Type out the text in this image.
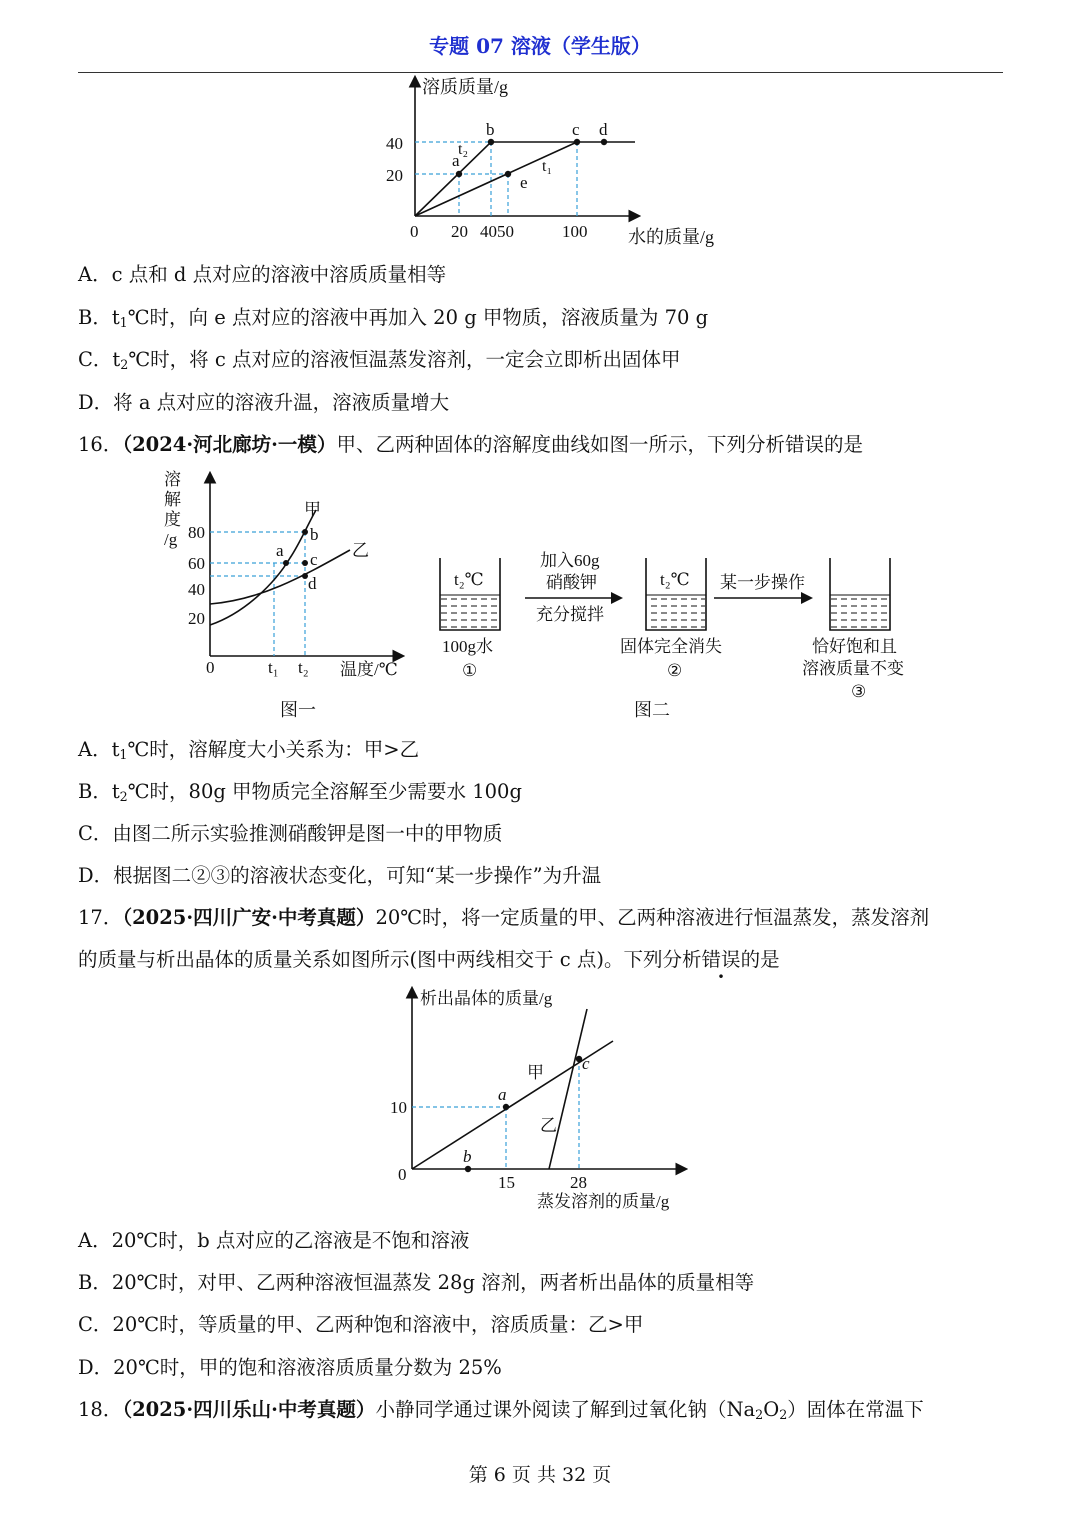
专题 07 溶液（学生版）
溶质质量/g
水的质量/g
40
20
0 20 4050	100
a
b	c d
e
t₂
t₁
A．c 点和 d 点对应的溶液中溶质质量相等
B．$t_1℃$时，向 e 点对应的溶液中再加入 20 g 甲物质，溶液质量为 70 g
C．$t_2℃$时，将 c 点对应的溶液恒温蒸发溶剂，一定会立即析出固体甲
D．将 a 点对应的溶液升温，溶液质量增大
16．（2024·河北廊坊·一模）甲、乙两种固体的溶解度曲线如图一所示，下列分析错误的是
溶
解
度
/g 80
60
40
20
0	t₁ t₂ 温度/℃
甲
乙
a
b
c
d
图一
t₂℃
100g水
①
加入60g
硝酸钾
充分搅拌
t₂℃
固体完全消失
②
某一步操作
恰好饱和且
溶液质量不变
③
图二
A．$t_1℃$时，溶解度大小关系为：甲>乙
B．$t_2℃$时，80g 甲物质完全溶解至少需要水 100g
C．由图二所示实验推测硝酸钾是图一中的甲物质
D．根据图二②③的溶液状态变化，可知“某一步操作”为升温
17．（2025·四川广安·中考真题）20℃时，将一定质量的甲、乙两种溶液进行恒温蒸发，蒸发溶剂
的质量与析出晶体的质量关系如图所示(图中两线相交于 c 点)。下列分析错误的是
析出晶体的质量/g
蒸发溶剂的质量/g
10
0	15	28
甲
乙
a
b
c
A．20℃时，b 点对应的乙溶液是不饱和溶液
B．20℃时，对甲、乙两种溶液恒温蒸发 28g 溶剂，两者析出晶体的质量相等
C．20℃时，等质量的甲、乙两种饱和溶液中，溶质质量：乙>甲
D．20℃时，甲的饱和溶液溶质质量分数为 25%
18．（2025·四川乐山·中考真题）小静同学通过课外阅读了解到过氧化钠$(Na_2O_2)$固体在常温下
第 6 页 共 32 页
